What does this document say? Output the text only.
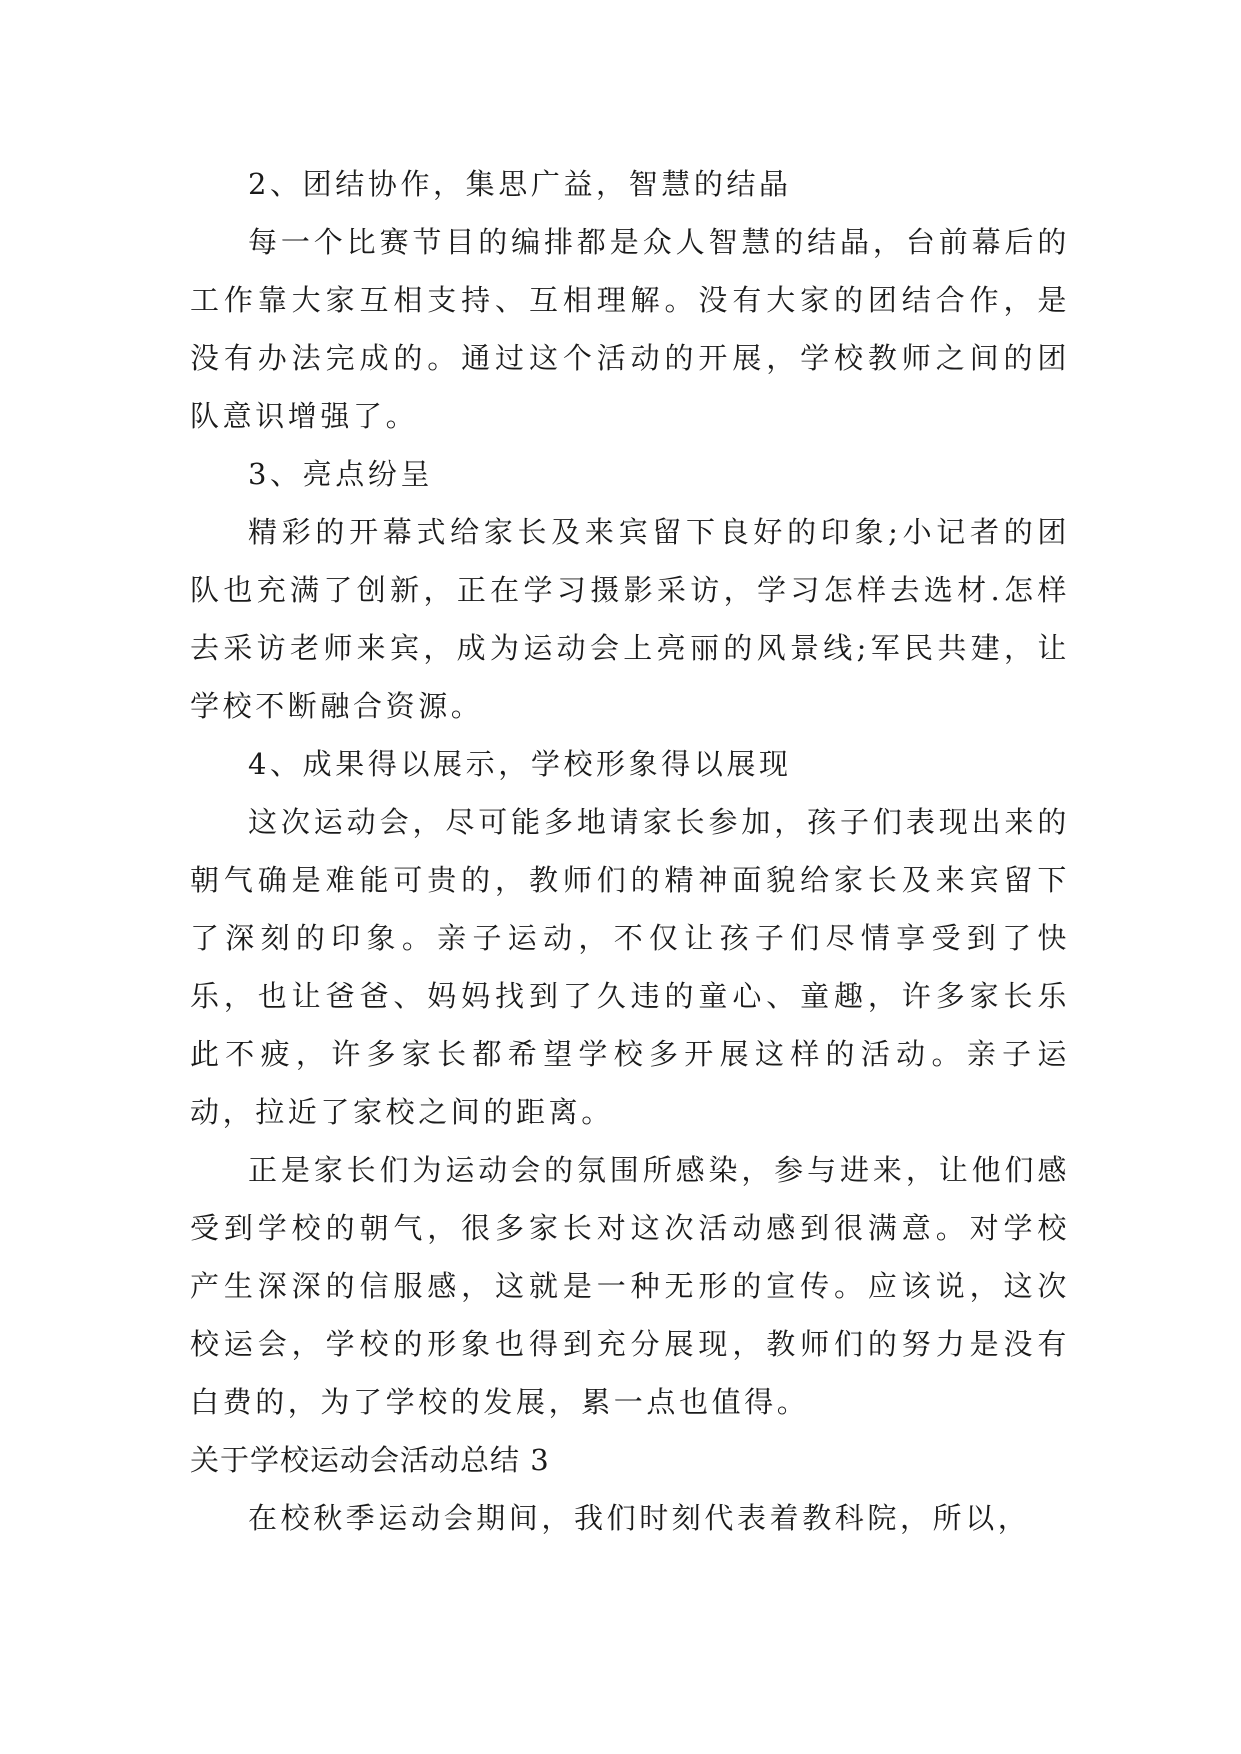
2、团结协作，集思广益，智慧的结晶

每一个比赛节目的编排都是众人智慧的结晶，台前幕后的工作靠大家互相支持、互相理解。没有大家的团结合作，是没有办法完成的。通过这个活动的开展，学校教师之间的团队意识增强了。

3、亮点纷呈

精彩的开幕式给家长及来宾留下良好的印象;小记者的团队也充满了创新，正在学习摄影采访，学习怎样去选材.怎样去采访老师来宾，成为运动会上亮丽的风景线;军民共建，让学校不断融合资源。

4、成果得以展示，学校形象得以展现

这次运动会，尽可能多地请家长参加，孩子们表现出来的朝气确是难能可贵的，教师们的精神面貌给家长及来宾留下了深刻的印象。亲子运动，不仅让孩子们尽情享受到了快乐，也让爸爸、妈妈找到了久违的童心、童趣，许多家长乐此不疲，许多家长都希望学校多开展这样的活动。亲子运动，拉近了家校之间的距离。

正是家长们为运动会的氛围所感染，参与进来，让他们感受到学校的朝气，很多家长对这次活动感到很满意。对学校产生深深的信服感，这就是一种无形的宣传。应该说，这次校运会，学校的形象也得到充分展现，教师们的努力是没有白费的，为了学校的发展，累一点也值得。

关于学校运动会活动总结 3

在校秋季运动会期间，我们时刻代表着教科院，所以，
